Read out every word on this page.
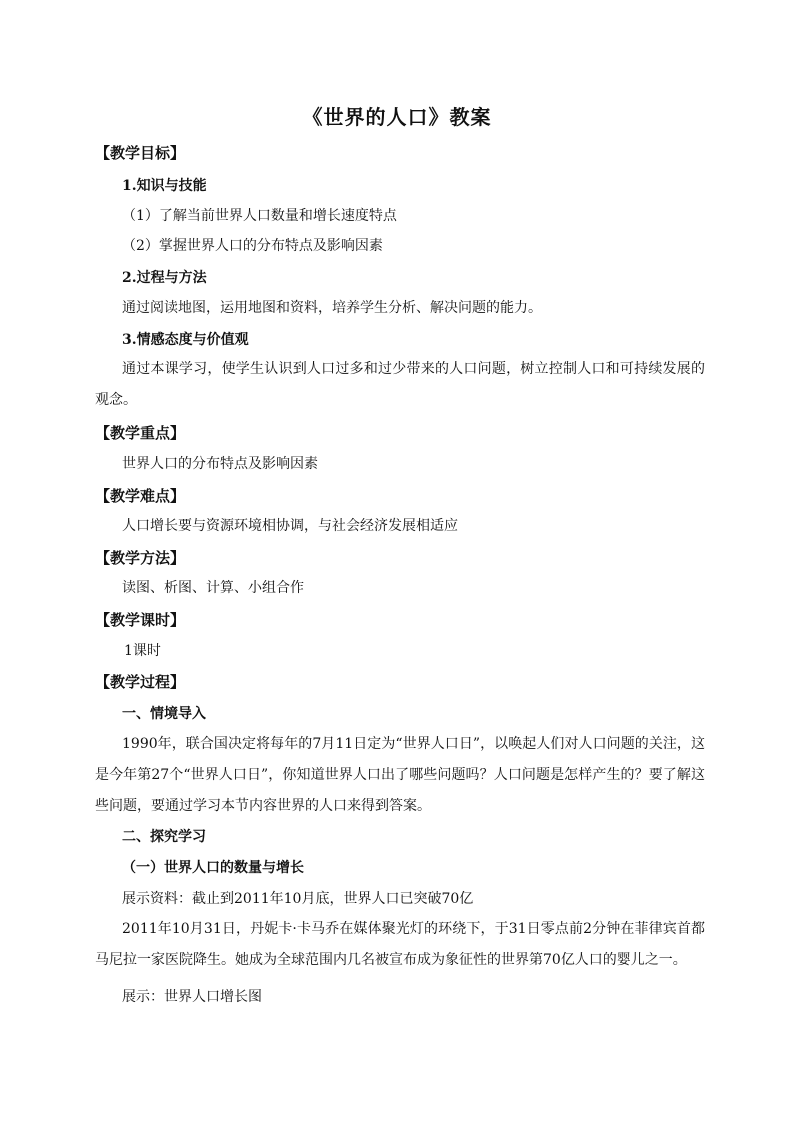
《世界的人口》教案
【教学目标】
1.知识与技能
（1）了解当前世界人口数量和增长速度特点
（2）掌握世界人口的分布特点及影响因素
2.过程与方法
通过阅读地图，运用地图和资料，培养学生分析、解决问题的能力。
3.情感态度与价值观
通过本课学习，使学生认识到人口过多和过少带来的人口问题，树立控制人口和可持续发展的观念。
【教学重点】
世界人口的分布特点及影响因素
【教学难点】
人口增长要与资源环境相协调，与社会经济发展相适应
【教学方法】
读图、析图、计算、小组合作
【教学课时】
1课时
【教学过程】
一、情境导入
1990年，联合国决定将每年的7月11日定为“世界人口日”，以唤起人们对人口问题的关注，这是今年第27个“世界人口日”，你知道世界人口出了哪些问题吗？人口问题是怎样产生的？要了解这些问题，要通过学习本节内容世界的人口来得到答案。
二、探究学习
（一）世界人口的数量与增长
展示资料：截止到2011年10月底，世界人口已突破70亿
2011年10月31日，丹妮卡·卡马乔在媒体聚光灯的环绕下，于31日零点前2分钟在菲律宾首都马尼拉一家医院降生。她成为全球范围内几名被宣布成为象征性的世界第70亿人口的婴儿之一。
展示：世界人口增长图
